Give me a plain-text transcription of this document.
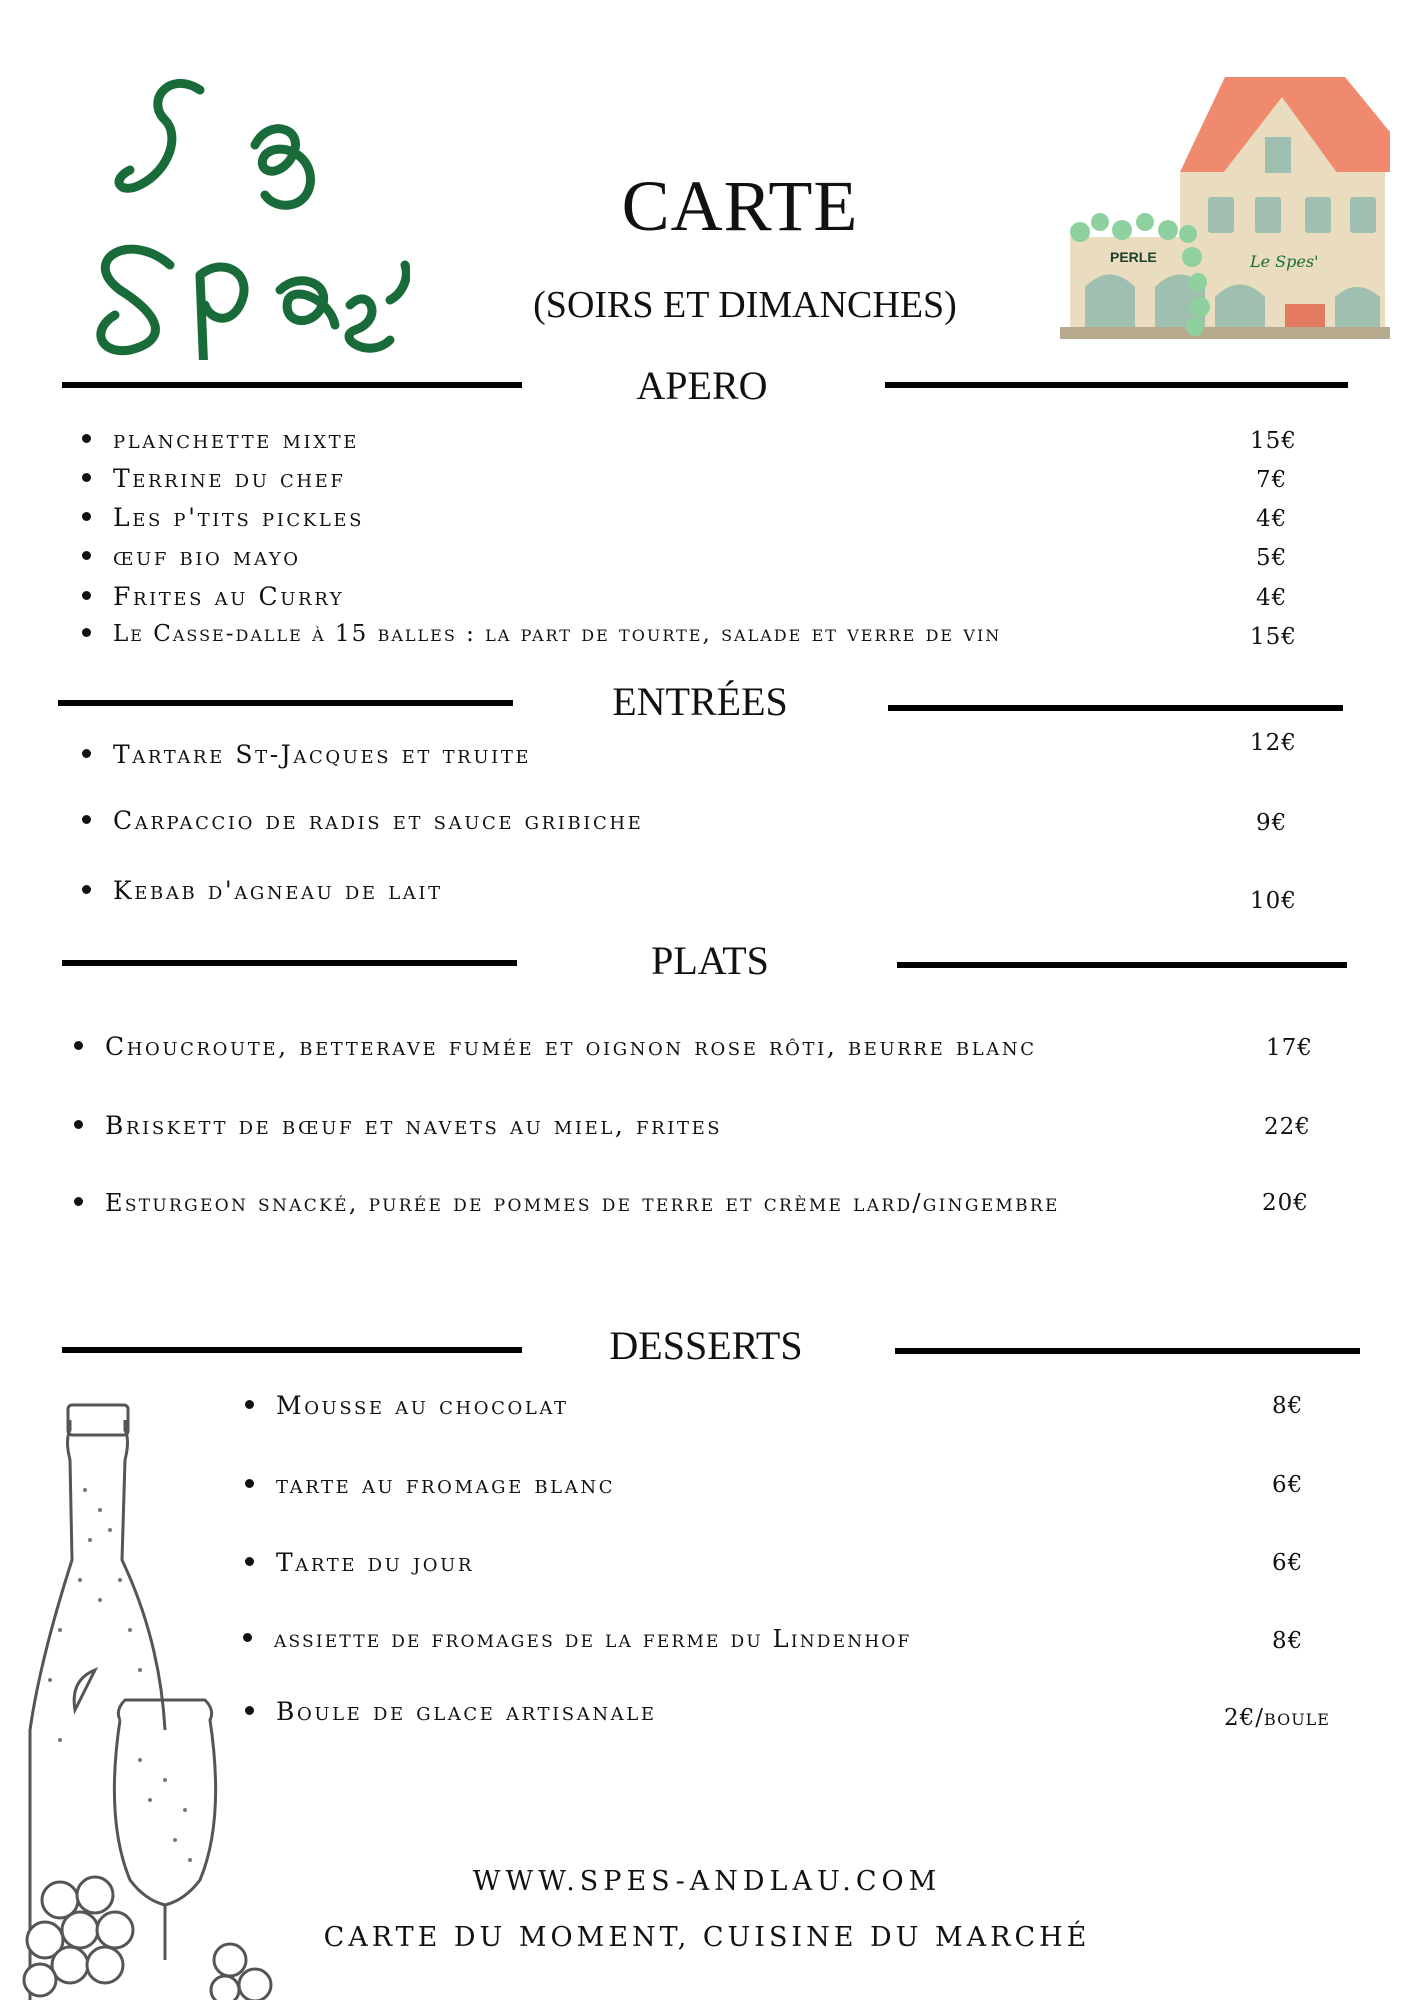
CARTE
(SOIRS ET DIMANCHES)
PERLE	Le Spes'
APERO
planchette mixte	15€
Terrine du chef	7€
Les p'tits pickles	4€
œuf bio mayo	5€
Frites au Curry	4€
Le Casse-dalle à 15 balles : la part de tourte, salade et verre de vin	15€
ENTRÉES
Tartare St-Jacques et truite	12€
Carpaccio de radis et sauce gribiche	9€
Kebab d'agneau de lait	10€
PLATS
Choucroute, betterave fumée et oignon rose rôti, beurre blanc	17€
Briskett de bœuf et navets au miel, frites	22€
Esturgeon snacké, purée de pommes de terre et crème lard/gingembre	20€
DESSERTS
Mousse au chocolat	8€
tarte au fromage blanc	6€
Tarte du jour	6€
assiette de fromages de la ferme du Lindenhof	8€
Boule de glace artisanale	2€/boule
WWW.SPES-ANDLAU.COM
CARTE DU MOMENT, CUISINE DU MARCHÉ
